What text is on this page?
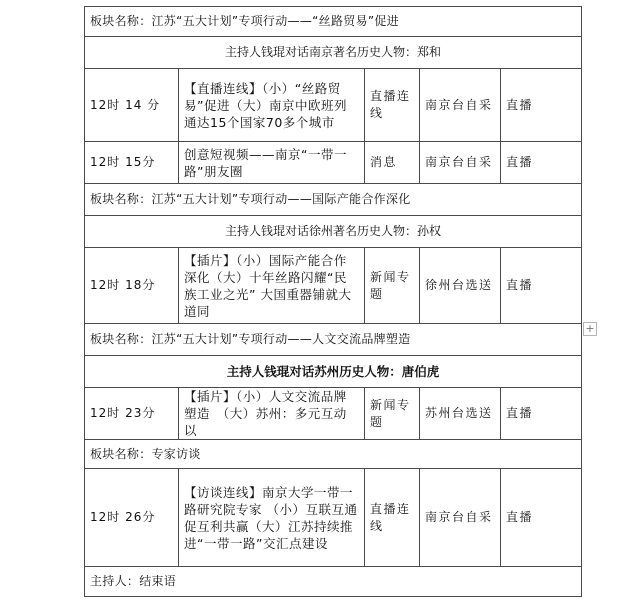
板块名称：江苏“五大计划”专项行动——“丝路贸易”促进				
主持人钱琨对话南京著名历史人物：郑和				
12时 14 分	【直播连线】（小）“丝路贸易”促进（大）南京中欧班列通达15个国家70多个城市	直播连线	南京台自采	直播
12时 15分	创意短视频——南京“一带一路”朋友圈	消息	南京台自采	直播
板块名称：江苏“五大计划”专项行动——国际产能合作深化				
主持人钱琨对话徐州著名历史人物：孙权				
12时 18分	【插片】（小）国际产能合作深化（大）十年丝路闪耀“民族工业之光” 大国重器铺就大道同	新闻专题	徐州台选送	直播
板块名称：江苏“五大计划”专项行动——人文交流品牌塑造				
主持人钱琨对话苏州历史人物：唐伯虎				
12时 23分	【插片】（小）人文交流品牌塑造　（大）苏州：多元互动 以	新闻专题	苏州台选送	直播
板块名称：专家访谈				
12时 26分	【访谈连线】南京大学一带一路研究院专家 （小）互联互通促互利共赢（大）江苏持续推进“一带一路”交汇点建设	直播连线	南京台自采	直播
主持人：结束语				
+
